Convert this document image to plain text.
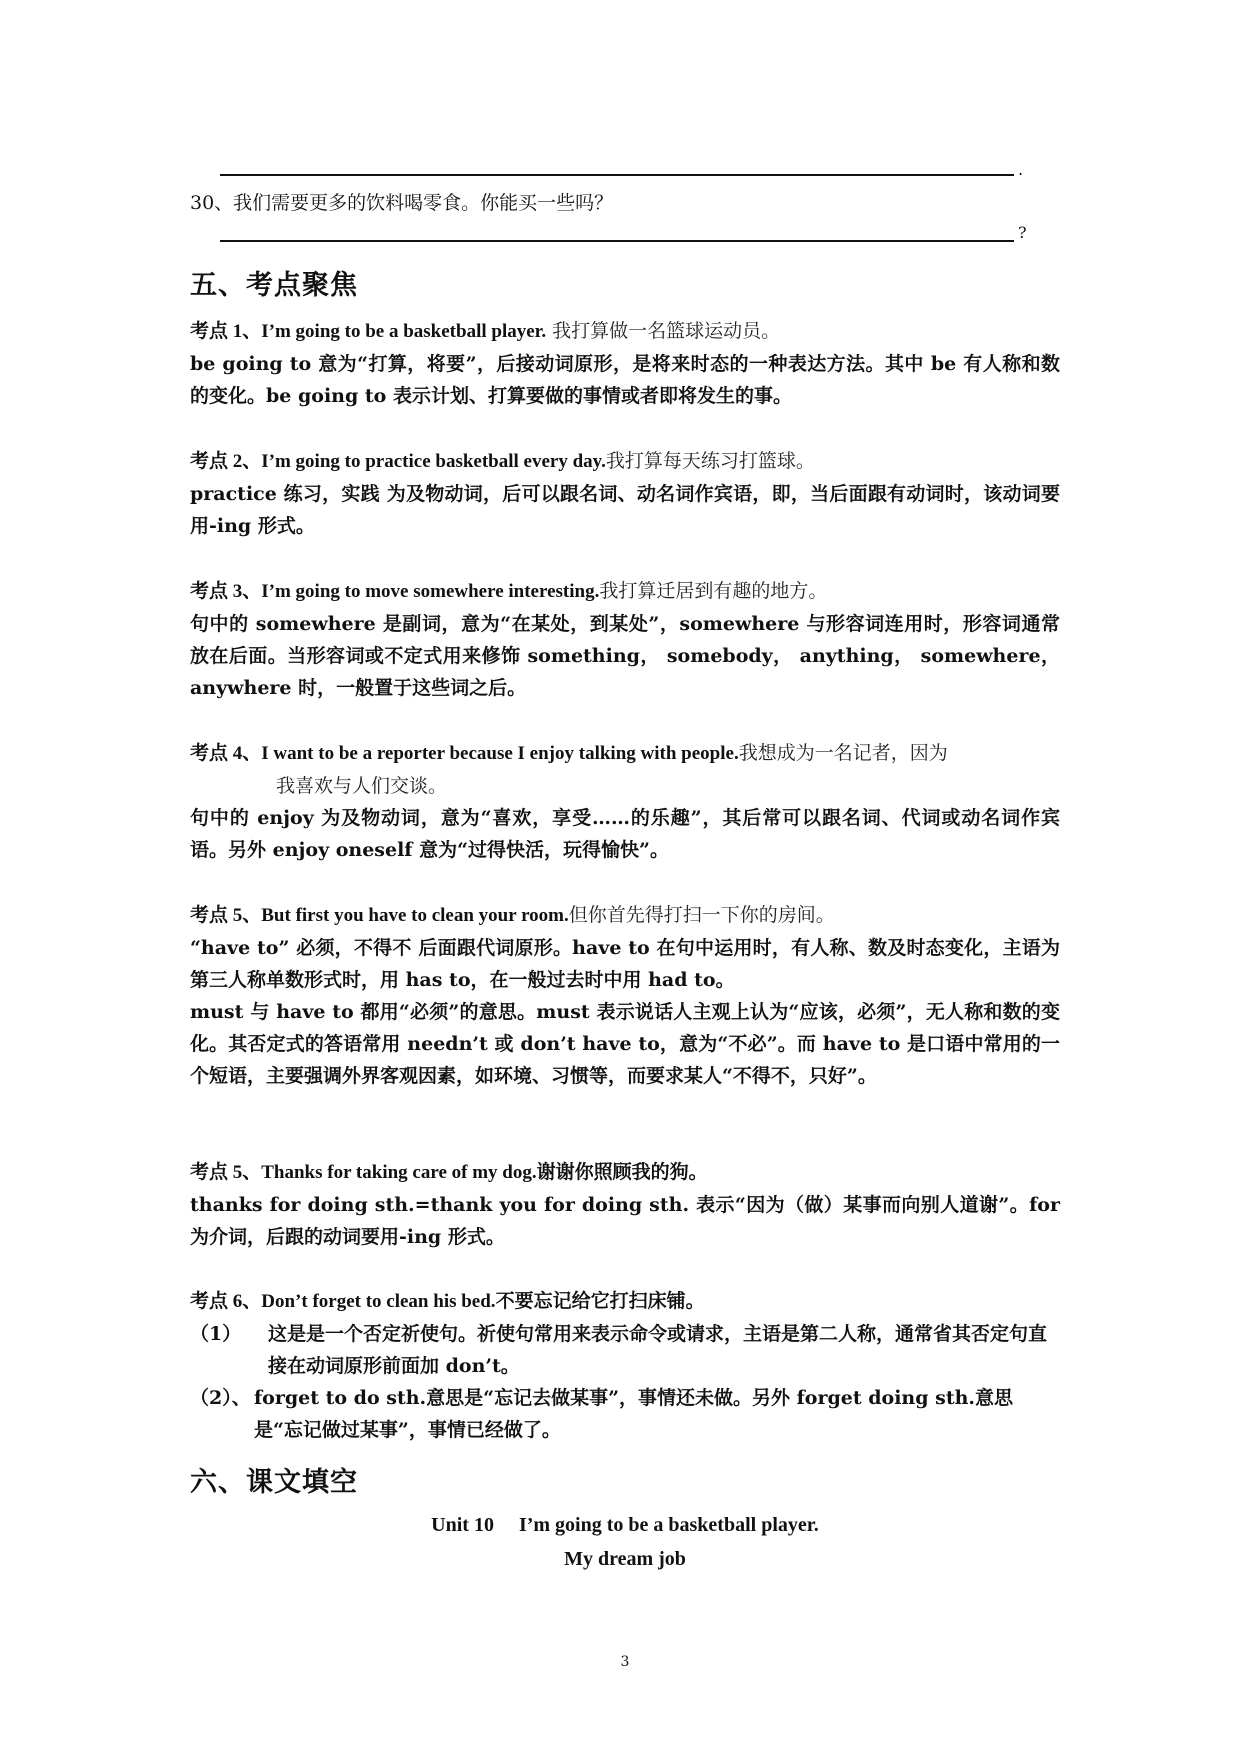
.
30、我们需要更多的饮料喝零食。你能买一些吗？
?
五、考点聚焦
考点 1、I’m going to be a basketball player. 我打算做一名篮球运动员。

be going to 意为“打算，将要”，后接动词原形，是将来时态的一种表达方法。其中 be 有人称和数的变化。be going to 表示计划、打算要做的事情或者即将发生的事。

考点 2、I’m going to practice basketball every day.我打算每天练习打篮球。

practice 练习，实践 为及物动词，后可以跟名词、动名词作宾语，即，当后面跟有动词时，该动词要用-ing 形式。

考点 3、I’m going to move somewhere interesting.我打算迁居到有趣的地方。

句中的 somewhere 是副词，意为“在某处，到某处”，somewhere 与形容词连用时，形容词通常放在后面。当形容词或不定式用来修饰 something， somebody， anything， somewhere，anywhere 时，一般置于这些词之后。

考点 4、I want to be a reporter because I enjoy talking with people.我想成为一名记者，因为
我喜欢与人们交谈。

句中的 enjoy 为及物动词，意为“喜欢，享受……的乐趣”，其后常可以跟名词、代词或动名词作宾语。另外 enjoy oneself 意为“过得快活，玩得愉快”。

考点 5、But first you have to clean your room.但你首先得打扫一下你的房间。

“have to” 必须，不得不 后面跟代词原形。have to 在句中运用时，有人称、数及时态变化，主语为第三人称单数形式时，用 has to，在一般过去时中用 had to。

must 与 have to 都用“必须”的意思。must 表示说话人主观上认为“应该，必须”，无人称和数的变化。其否定式的答语常用 needn’t 或 don’t have to，意为“不必”。而 have to 是口语中常用的一个短语，主要强调外界客观因素，如环境、习惯等，而要求某人“不得不，只好”。

考点 5、Thanks for taking care of my dog.谢谢你照顾我的狗。

thanks for doing sth.=thank you for doing sth. 表示“因为（做）某事而向别人道谢”。for 为介词，后跟的动词要用-ing 形式。

考点 6、Don’t forget to clean his bed.不要忘记给它打扫床铺。
（1）	这是是一个否定祈使句。祈使句常用来表示命令或请求，主语是第二人称，通常省其否定句直接在动词原形前面加 don’t。
（2）、 forget to do sth.意思是“忘记去做某事”，事情还未做。另外 forget doing sth.意思是“忘记做过某事”，事情已经做了。
六、课文填空
Unit 10     I’m going to be a basketball player.
My dream job
3
